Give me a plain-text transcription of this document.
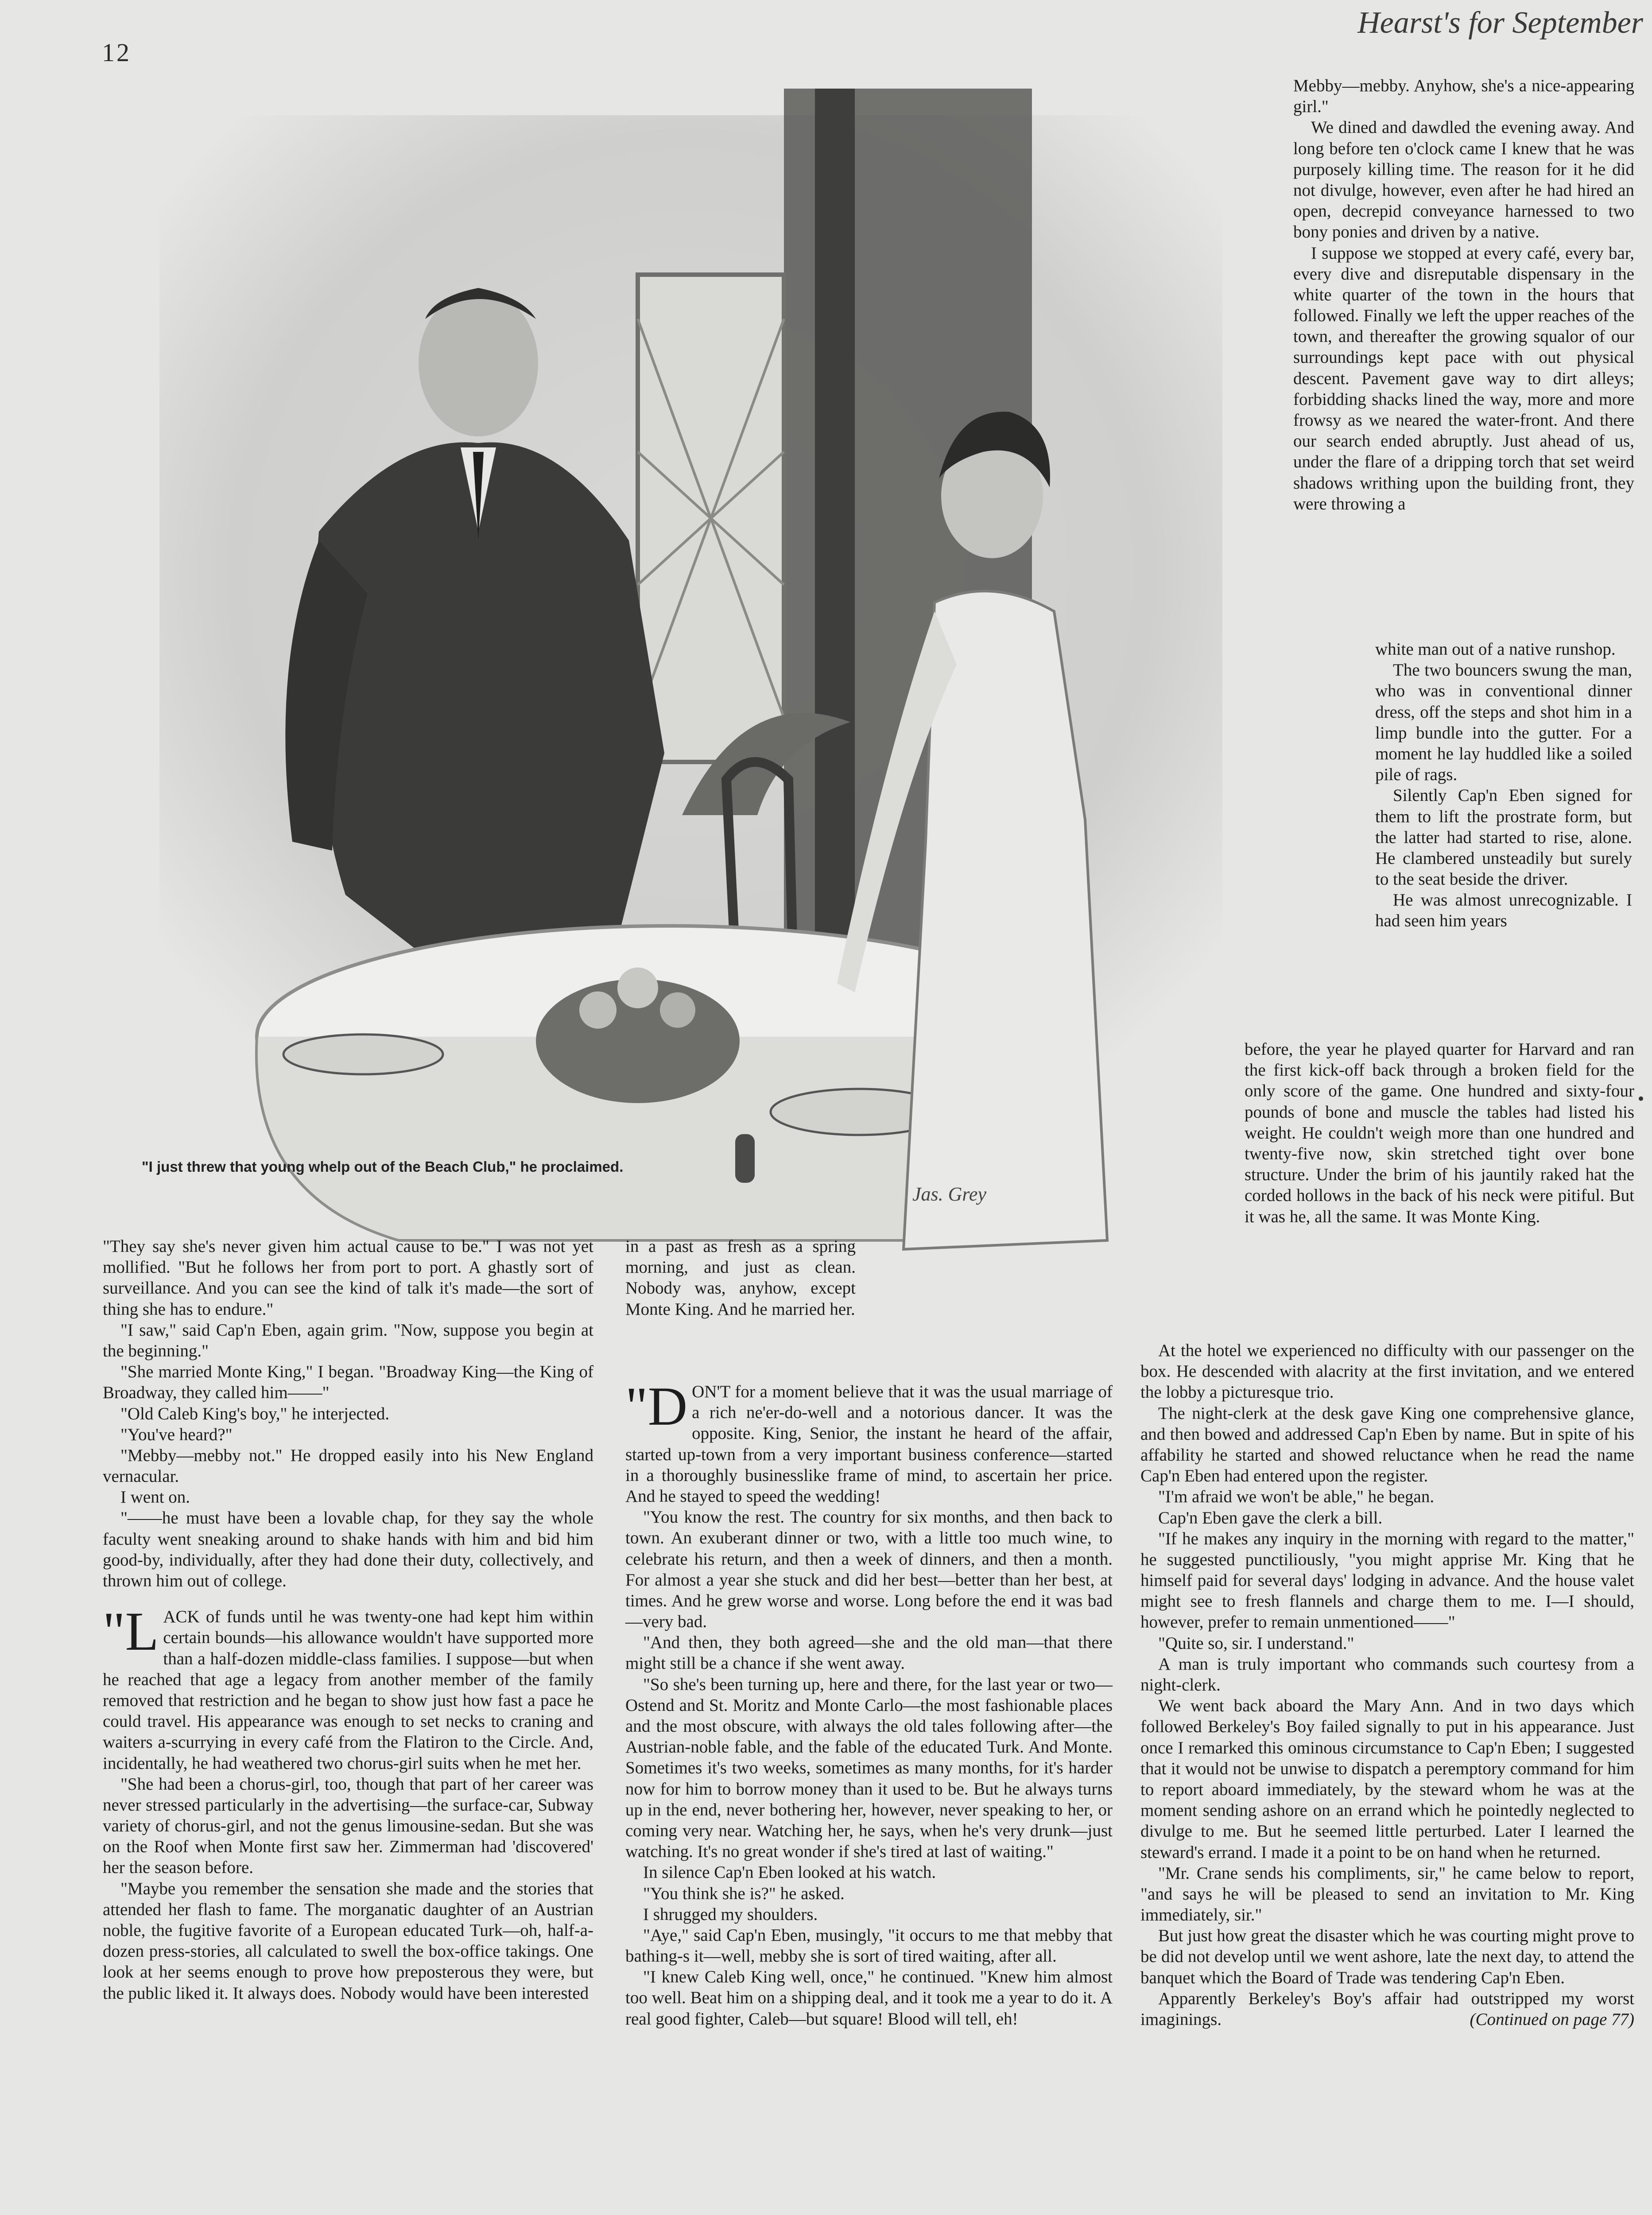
12
Hearst's for September
Jas. Grey
"I just threw that young whelp out of the Beach Club," he proclaimed.

"They say she's never given him actual cause to be." I was not yet mollified. "But he follows her from port to port. A ghastly sort of surveillance. And you can see the kind of talk it's made—the sort of thing she has to endure."

"I saw," said Cap'n Eben, again grim. "Now, suppose you begin at the beginning."

"She married Monte King," I began. "Broadway King—the King of Broadway, they called him——"

"Old Caleb King's boy," he interjected.

"You've heard?"

"Mebby—mebby not." He dropped easily into his New England vernacular.

I went on.

"——he must have been a lovable chap, for they say the whole faculty went sneaking around to shake hands with him and bid him good-by, individually, after they had done their duty, collectively, and thrown him out of college.

"LACK of funds until he was twenty-one had kept him within certain bounds—his allowance wouldn't have supported more than a half-dozen middle-class families. I suppose—but when he reached that age a legacy from another member of the family removed that restriction and he began to show just how fast a pace he could travel. His appearance was enough to set necks to craning and waiters a-scurrying in every café from the Flatiron to the Circle. And, incidentally, he had weathered two chorus-girl suits when he met her.

"She had been a chorus-girl, too, though that part of her career was never stressed particularly in the advertising—the surface-car, Subway variety of chorus-girl, and not the genus limousine-sedan. But she was on the Roof when Monte first saw her. Zimmerman had 'discovered' her the season before.

"Maybe you remember the sensation she made and the stories that attended her flash to fame. The morganatic daughter of an Austrian noble, the fugitive favorite of a European educated Turk—oh, half-a-dozen press-stories, all calculated to swell the box-office takings. One look at her seems enough to prove how preposterous they were, but the public liked it. It always does. Nobody would have been interested

in a past as fresh as a spring morning, and just as clean. Nobody was, anyhow, except Monte King. And he married her.

"DON'T for a moment believe that it was the usual marriage of a rich ne'er-do-well and a notorious dancer. It was the opposite. King, Senior, the instant he heard of the affair, started up-town from a very important business conference—started in a thoroughly businesslike frame of mind, to ascertain her price. And he stayed to speed the wedding!

"You know the rest. The country for six months, and then back to town. An exuberant dinner or two, with a little too much wine, to celebrate his return, and then a week of dinners, and then a month. For almost a year she stuck and did her best—better than her best, at times. And he grew worse and worse. Long before the end it was bad—very bad.

"And then, they both agreed—she and the old man—that there might still be a chance if she went away.

"So she's been turning up, here and there, for the last year or two—Ostend and St. Moritz and Monte Carlo—the most fashionable places and the most obscure, with always the old tales following after—the Austrian-noble fable, and the fable of the educated Turk. And Monte. Sometimes it's two weeks, sometimes as many months, for it's harder now for him to borrow money than it used to be. But he always turns up in the end, never bothering her, however, never speaking to her, or coming very near. Watching her, he says, when he's very drunk—just watching. It's no great wonder if she's tired at last of waiting."

In silence Cap'n Eben looked at his watch.

"You think she is?" he asked.

I shrugged my shoulders.

"Aye," said Cap'n Eben, musingly, "it occurs to me that mebby that bathing-s it—well, mebby she is sort of tired waiting, after all.

"I knew Caleb King well, once," he continued. "Knew him almost too well. Beat him on a shipping deal, and it took me a year to do it. A real good fighter, Caleb—but square! Blood will tell, eh!

Mebby—mebby. Anyhow, she's a nice-appearing girl."

We dined and dawdled the evening away. And long before ten o'clock came I knew that he was purposely killing time. The reason for it he did not divulge, however, even after he had hired an open, decrepid conveyance harnessed to two bony ponies and driven by a native.

I suppose we stopped at every café, every bar, every dive and disreputable dispensary in the white quarter of the town in the hours that followed. Finally we left the upper reaches of the town, and thereafter the growing squalor of our surroundings kept pace with out physical descent. Pavement gave way to dirt alleys; forbidding shacks lined the way, more and more frowsy as we neared the water-front. And there our search ended abruptly. Just ahead of us, under the flare of a dripping torch that set weird shadows writhing upon the building front, they were throwing a

white man out of a native runshop.

The two bouncers swung the man, who was in conventional dinner dress, off the steps and shot him in a limp bundle into the gutter. For a moment he lay huddled like a soiled pile of rags.

Silently Cap'n Eben signed for them to lift the prostrate form, but the latter had started to rise, alone. He clambered unsteadily but surely to the seat beside the driver.

He was almost unrecognizable. I had seen him years

before, the year he played quarter for Harvard and ran the first kick-off back through a broken field for the only score of the game. One hundred and sixty-four pounds of bone and muscle the tables had listed his weight. He couldn't weigh more than one hundred and twenty-five now, skin stretched tight over bone structure. Under the brim of his jauntily raked hat the corded hollows in the back of his neck were pitiful. But it was he, all the same. It was Monte King.

At the hotel we experienced no difficulty with our passenger on the box. He descended with alacrity at the first invitation, and we entered the lobby a picturesque trio.

The night-clerk at the desk gave King one comprehensive glance, and then bowed and addressed Cap'n Eben by name. But in spite of his affability he started and showed reluctance when he read the name Cap'n Eben had entered upon the register.

"I'm afraid we won't be able," he began.

Cap'n Eben gave the clerk a bill.

"If he makes any inquiry in the morning with regard to the matter," he suggested punctiliously, "you might apprise Mr. King that he himself paid for several days' lodging in advance. And the house valet might see to fresh flannels and charge them to me. I—I should, however, prefer to remain unmentioned——"

"Quite so, sir. I understand."

A man is truly important who commands such courtesy from a night-clerk.

We went back aboard the Mary Ann. And in two days which followed Berkeley's Boy failed signally to put in his appearance. Just once I remarked this ominous circumstance to Cap'n Eben; I suggested that it would not be unwise to dispatch a peremptory command for him to report aboard immediately, by the steward whom he was at the moment sending ashore on an errand which he pointedly neglected to divulge to me. But he seemed little perturbed. Later I learned the steward's errand. I made it a point to be on hand when he returned.

"Mr. Crane sends his compliments, sir," he came below to report, "and says he will be pleased to send an invitation to Mr. King immediately, sir."

But just how great the disaster which he was courting might prove to be did not develop until we went ashore, late the next day, to attend the banquet which the Board of Trade was tendering Cap'n Eben.

Apparently Berkeley's Boy's affair had outstripped my worst imaginings.	(Continued on page 77)
